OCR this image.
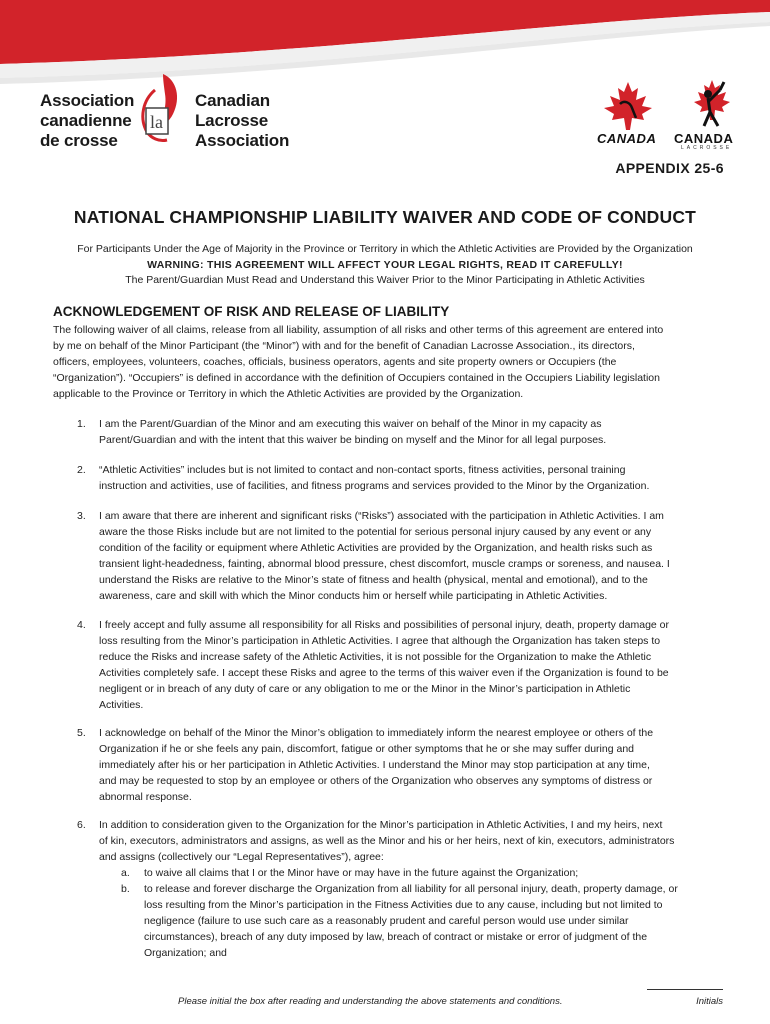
Association
canadienne
de crosse
la
Canadian
Lacrosse
Association	CANADA CANADA
LACROSSE
APPENDIX 25-6
NATIONAL CHAMPIONSHIP LIABILITY WAIVER AND CODE OF CONDUCT
For Participants Under the Age of Majority in the Province or Territory in which the Athletic Activities are Provided by the Organization
WARNING: THIS AGREEMENT WILL AFFECT YOUR LEGAL RIGHTS, READ IT CAREFULLY!
The Parent/Guardian Must Read and Understand this Waiver Prior to the Minor Participating in Athletic Activities
ACKNOWLEDGEMENT OF RISK AND RELEASE OF LIABILITY
The following waiver of all claims, release from all liability, assumption of all risks and other terms of this agreement are entered into
by me on behalf of the Minor Participant (the “Minor”) with and for the benefit of Canadian Lacrosse Association., its directors,
officers, employees, volunteers, coaches, officials, business operators, agents and site property owners or Occupiers (the
“Organization”). “Occupiers” is defined in accordance with the definition of Occupiers contained in the Occupiers Liability legislation
applicable to the Province or Territory in which the Athletic Activities are provided by the Organization.
1. I am the Parent/Guardian of the Minor and am executing this waiver on behalf of the Minor in my capacity as
Parent/Guardian and with the intent that this waiver be binding on myself and the Minor for all legal purposes.
2. “Athletic Activities” includes but is not limited to contact and non-contact sports, fitness activities, personal training
instruction and activities, use of facilities, and fitness programs and services provided to the Minor by the Organization.
3. I am aware that there are inherent and significant risks (“Risks”) associated with the participation in Athletic Activities. I am
aware the those Risks include but are not limited to the potential for serious personal injury caused by any event or any
condition of the facility or equipment where Athletic Activities are provided by the Organization, and health risks such as
transient light-headedness, fainting, abnormal blood pressure, chest discomfort, muscle cramps or soreness, and nausea. I
understand the Risks are relative to the Minor’s state of fitness and health (physical, mental and emotional), and to the
awareness, care and skill with which the Minor conducts him or herself while participating in Athletic Activities.
4. I freely accept and fully assume all responsibility for all Risks and possibilities of personal injury, death, property damage or
loss resulting from the Minor’s participation in Athletic Activities. I agree that although the Organization has taken steps to
reduce the Risks and increase safety of the Athletic Activities, it is not possible for the Organization to make the Athletic
Activities completely safe. I accept these Risks and agree to the terms of this waiver even if the Organization is found to be
negligent or in breach of any duty of care or any obligation to me or the Minor in the Minor’s participation in Athletic
Activities.
5. I acknowledge on behalf of the Minor the Minor’s obligation to immediately inform the nearest employee or others of the
Organization if he or she feels any pain, discomfort, fatigue or other symptoms that he or she may suffer during and
immediately after his or her participation in Athletic Activities. I understand the Minor may stop participation at any time,
and may be requested to stop by an employee or others of the Organization who observes any symptoms of distress or
abnormal response.
6. In addition to consideration given to the Organization for the Minor’s participation in Athletic Activities, I and my heirs, next
of kin, executors, administrators and assigns, as well as the Minor and his or her heirs, next of kin, executors, administrators
and assigns (collectively our “Legal Representatives”), agree:
a. to waive all claims that I or the Minor have or may have in the future against the Organization;
b. to release and forever discharge the Organization from all liability for all personal injury, death, property damage, or
loss resulting from the Minor’s participation in the Fitness Activities due to any cause, including but not limited to
negligence (failure to use such care as a reasonably prudent and careful person would use under similar
circumstances), breach of any duty imposed by law, breach of contract or mistake or error of judgment of the
Organization; and
Please initial the box after reading and understanding the above statements and conditions.	Initials
